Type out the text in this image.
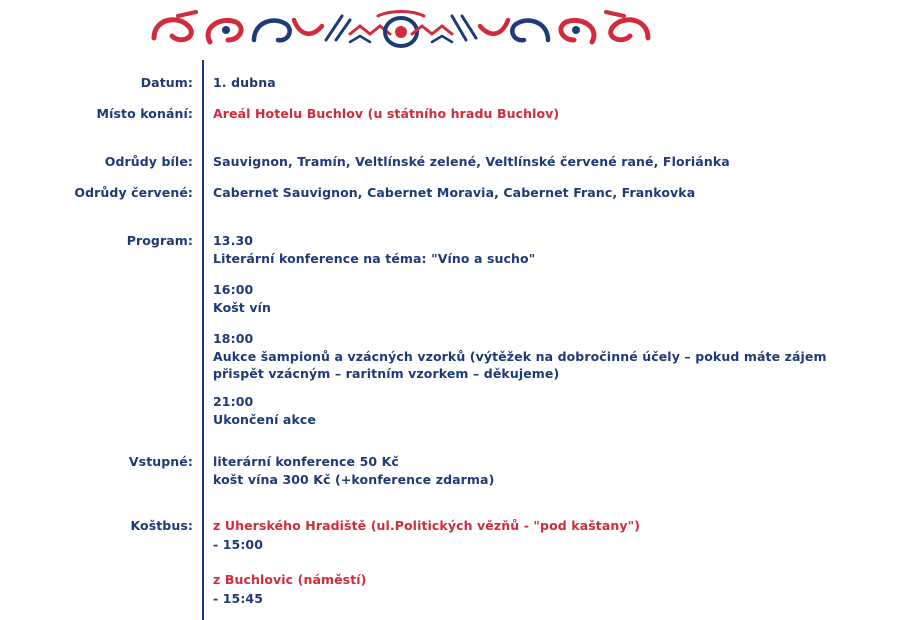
Datum: 1. dubna
Místo konání: Areál Hotelu Buchlov (u státního hradu Buchlov)
Odrůdy bíle: Sauvignon, Tramín, Veltlínské zelené, Veltlínské červené rané, Floriánka
Odrůdy červené: Cabernet Sauvignon, Cabernet Moravia, Cabernet Franc, Frankovka
Program: 13.30
Literární konference na téma: "Víno a sucho"
16:00
Košt vín
18:00
Aukce šampionů a vzácných vzorků (výtěžek na dobročinné účely – pokud máte zájem přispět vzácným – raritním vzorkem – děkujeme)
21:00
Ukončení akce
Vstupné: literární konference 50 Kč
košt vína 300 Kč (+konference zdarma)
Koštbus: z Uherského Hradiště (ul.Politických vězňů - "pod kaštany")
- 15:00
z Buchlovic (náměstí)
- 15:45
